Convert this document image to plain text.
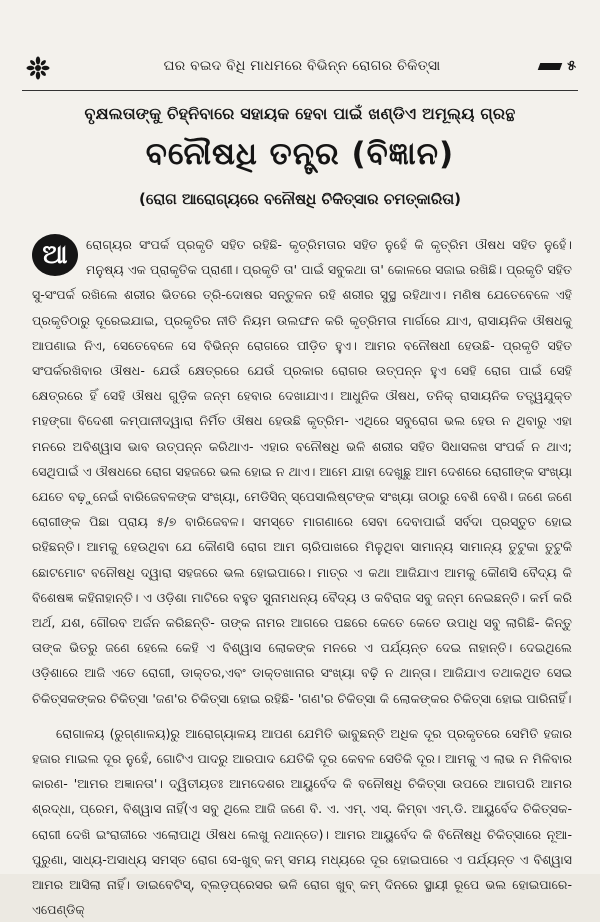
ଘର ବଇଦ ବିଧି ମାଧମରେ ବିଭିନ୍ନ ରୋଗର ଚିକିତ୍ସା	୫
ବୃକ୍ଷଲତାଙ୍କୁ ଚିହ୍ନିବାରେ ସହାୟକ ହେବା ପାଇଁ ଖଣ୍ଡିଏ ଅମୂଲ୍ୟ ଗ୍ରନ୍ଥ
ବନୌଷଧି ତନ୍ତ୍ର (ବିଜ୍ଞାନ)
(ରୋଗ ଆରୋଗ୍ୟରେ ବନୌଷଧି ଚିକିତ୍ସାର ଚମତ୍କାରିତା)

ଆ	ରୋଗ୍ୟର ସଂପର୍କ ପ୍ରକୃତି ସହିତ ରହିଛି- କୃତ୍ରିମତାର ସହିତ ନୁହେଁ କି କୃତ୍ରିମ ଔଷଧ ସହିତ ନୁହେଁ। ମନୁଷ୍ୟ ଏକ ପ୍ରାକୃତିକ ପ୍ରାଣୀ। ପ୍ରକୃତି ତା' ପାଇଁ ସବୁକଥା ତା' କୋଳରେ ସଜାଇ ରଖିଛି। ପ୍ରକୃତି ସହିତ ସୁ-ସଂପର୍କ ରଖିଲେ ଶରୀର ଭିତରେ ତ୍ରି-ଦୋଷର ସନ୍ତୁଳନ ରହି ଶରୀର ସୁସ୍ଥ ରହିଥାଏ। ମଣିଷ ଯେତେବେଳେ ଏହି ପ୍ରକୃତିଠାରୁ ଦୂରେଇଯାଇ, ପ୍ରକୃତିର ନୀତି ନିୟମ ଉଲଙ୍ଘନ କରି କୃତ୍ରିମତା ମାର୍ଗରେ ଯାଏ, ରାସାୟନିକ ଔଷଧକୁ ଆପଣାଇ ନିଏ, ସେତେବେଳେ ସେ ବିଭିନ୍ନ ରୋଗରେ ପୀଡ଼ିତ ହୁଏ। ଆମର ବନୌଷଧୀ ହେଉଛି- ପ୍ରକୃତି ସହିତ ସଂପର୍କରଖିବାର ଔଷଧ- ଯେଉଁ କ୍ଷେତ୍ରରେ ଯେଉଁ ପ୍ରକାର ରୋଗର ଉତ୍ପନ୍ନ ହୁଏ ସେହି ରୋଗ ପାଇଁ ସେହି କ୍ଷେତ୍ରରେ ହିଁ ସେହି ଔଷଧ ଗୁଡ଼ିକ ଜନ୍ମ ହେବାର ଦେଖାଯାଏ। ଆଧୁନିକ ଔଷଧ, ତନିକ୍ ରାସାୟନିକ ତତ୍ତ୍ୱଯୁକ୍ତ ମହଙ୍ଗା ବିଦେଶୀ କମ୍ପାନୀଦ୍ୱାରା ନିର୍ମିତ ଔଷଧ ହେଉଛି କୃତ୍ରିମ- ଏଥିରେ ସବୁରୋଗ ଭଲ ହେଉ ନ ଥିବାରୁ ଏହା ମନରେ ଅବିଶ୍ୱାସ ଭାବ ଉତ୍ପନ୍ନ କରିଥାଏ- ଏହାର ବନୌଷଧି ଭଳି ଶରୀର ସହିତ ସିଧାସଳଖ ସଂପର୍କ ନ ଥାଏ; ସେଥିପାଇଁ ଏ ଔଷଧରେ ରୋଗ ସହଜରେ ଭଲ ହୋଇ ନ ଥାଏ। ଆମେ ଯାହା ଦେଖୁଛୁ ଆମ ଦେଶରେ ରୋଗୀଙ୍କ ସଂଖ୍ୟା ଯେତେ ବଢ଼ୁନେଇଁ ବାରିଜେବଳଙ୍କ ସଂଖ୍ୟା, ମେଡିସିନ୍ ସ୍ପେସାଲିଷ୍ଟଙ୍କ ସଂଖ୍ୟା ତାଠାରୁ ବେଶି ବେଶି। ଜଣେ ଜଣେ ରୋଗୀଙ୍କ ପିଛା ପ୍ରାୟ ୫/୭ ବାରିଜେବଳ। ସମସ୍ତେ ମାଗଣାରେ ସେବା ଦେବାପାଇଁ ସର୍ବଦା ପ୍ରସ୍ତୁତ ହୋଇ ରହିଛନ୍ତି। ଆମକୁ ହେଉଥିବା ଯେ କୌଣସି ରୋଗ ଆମ ଚାରିପାଖରେ ମିଳୁଥିବା ସାମାନ୍ୟ ସାମାନ୍ୟ ତୁଟୁକା ତୁଟୁକି ଛୋଟମୋଟ ବନୌଷଧି ଦ୍ୱାରା ସହଜରେ ଭଲ ହୋଇପାରେ। ମାତ୍ର ଏ କଥା ଆଜିଯାଏ ଆମକୁ କୌଣସି ବୈଦ୍ୟ କି ବିଶେଷଜ୍ଞ କହିନାହାନ୍ତି। ଏ ଓଡ଼ିଶା ମାଟିରେ ବହୁତ ସୁନାମଧନ୍ୟ ବୈଦ୍ୟ ଓ କବିରାଜ ସବୁ ଜନ୍ମ ନେଇଛନ୍ତି। କର୍ମ କରି ଅର୍ଥ, ଯଶ, ଗୌରବ ଅର୍ଜନ କରିଛନ୍ତି- ତାଙ୍କ ନାମର ଆଗରେ ପଛରେ କେତେ କେତେ ଉପାଧି ସବୁ ଲାଗିଛି- କିନ୍ତୁ ତାଙ୍କ ଭିତରୁ ଜଣେ ହେଲେ କେହି ଏ ବିଶ୍ୱାସ ଲୋକଙ୍କ ମନରେ ଏ ପର୍ଯ୍ୟନ୍ତ ଦେଇ ନାହାନ୍ତି। ଦେଇଥିଲେ ଓଡ଼ିଶାରେ ଆଜି ଏତେ ରୋଗୀ, ଡାକ୍ତର,ଏବଂ ଡାକ୍ତଖାନାର ସଂଖ୍ୟା ବଢ଼ି ନ ଥାନ୍ତା। ଆଜିଯାଏ ତଥାକଥିତ ସେଇ ଚିକିତ୍ସକଙ୍କର ଚିକିତ୍ସା 'ଜଣ'ର ଚିକିତ୍ସା ହୋଇ ରହିଛି- 'ଗଣ'ର ଚିକିତ୍ସା କି ଲୋକଙ୍କର ଚିକିତ୍ସା ହୋଇ ପାରିନାହିଁ।

ରୋଗାଳୟ (ରୁଗ୍ଣାଳୟ)ରୁ ଆରୋଗ୍ୟାଳୟ ଆପଣ ଯେମିତି ଭାବୁଛନ୍ତି ଅଧିକ ଦୂର ପ୍ରକୃତରେ ସେମିତି ହଜାର ହଜାର ମାଇଲ ଦୂର ନୁହେଁ, ଗୋଟିଏ ପାଦରୁ ଆରପାଦ ଯେତିକି ଦୂର କେବଳ ସେତିକି ଦୂର। ଆମକୁ ଏ ଲାଭ ନ ମିଳିବାର କାରଣ- 'ଆମର ଅଜ୍ଞାନତା'। ଦ୍ୱିତୀୟତଃ ଆମଦେଶର ଆୟୁର୍ବେଦ କି ବନୌଷଧି ଚିକିତ୍ସା ଉପରେ ଆଗପରି ଆମର ଶ୍ରଦ୍ଧା, ପ୍ରେମ, ବିଶ୍ୱାସ ନାହିଁ(ଏ ସବୁ ଥିଲେ ଆଜି ଜଣେ ବି. ଏ. ଏମ୍. ଏସ୍. କିମ୍ବା ଏମ୍.ଡି. ଆୟୁର୍ବେଦ ଚିକିତ୍ସକ- ରୋଗୀ ଦେଖି ଇଂରାଜୀରେ ଏଲୋପାଥି ଔଷଧ ଲେଖୁ ନଥାନ୍ତେ)। ଆମର ଆୟୁର୍ବେଦ କି ବିନୌଷଧି ଚିକିତ୍ସାରେ ନୂଆ-ପୁରୁଣା, ସାଧ୍ୟ-ଅସାଧ୍ୟ ସମସ୍ତ ରୋଗ ସେ-ଖୁବ୍ କମ୍ ସମୟ ମଧ୍ୟରେ ଦୂର ହୋଇପାରେ ଏ ପର୍ଯ୍ୟନ୍ତ ଏ ବିଶ୍ୱାସ ଆମର ଆସିଲା ନାହିଁ। ଡାଇବେଟିସ୍, ବ୍ଲଡ଼ପ୍ରେସର ଭଳି ରୋଗ ଖୁବ୍ କମ୍ ଦିନରେ ସ୍ଥାୟୀ ରୂପେ ଭଲ ହୋଇପାରେ- ଏପେଣ୍ଡିକ୍
